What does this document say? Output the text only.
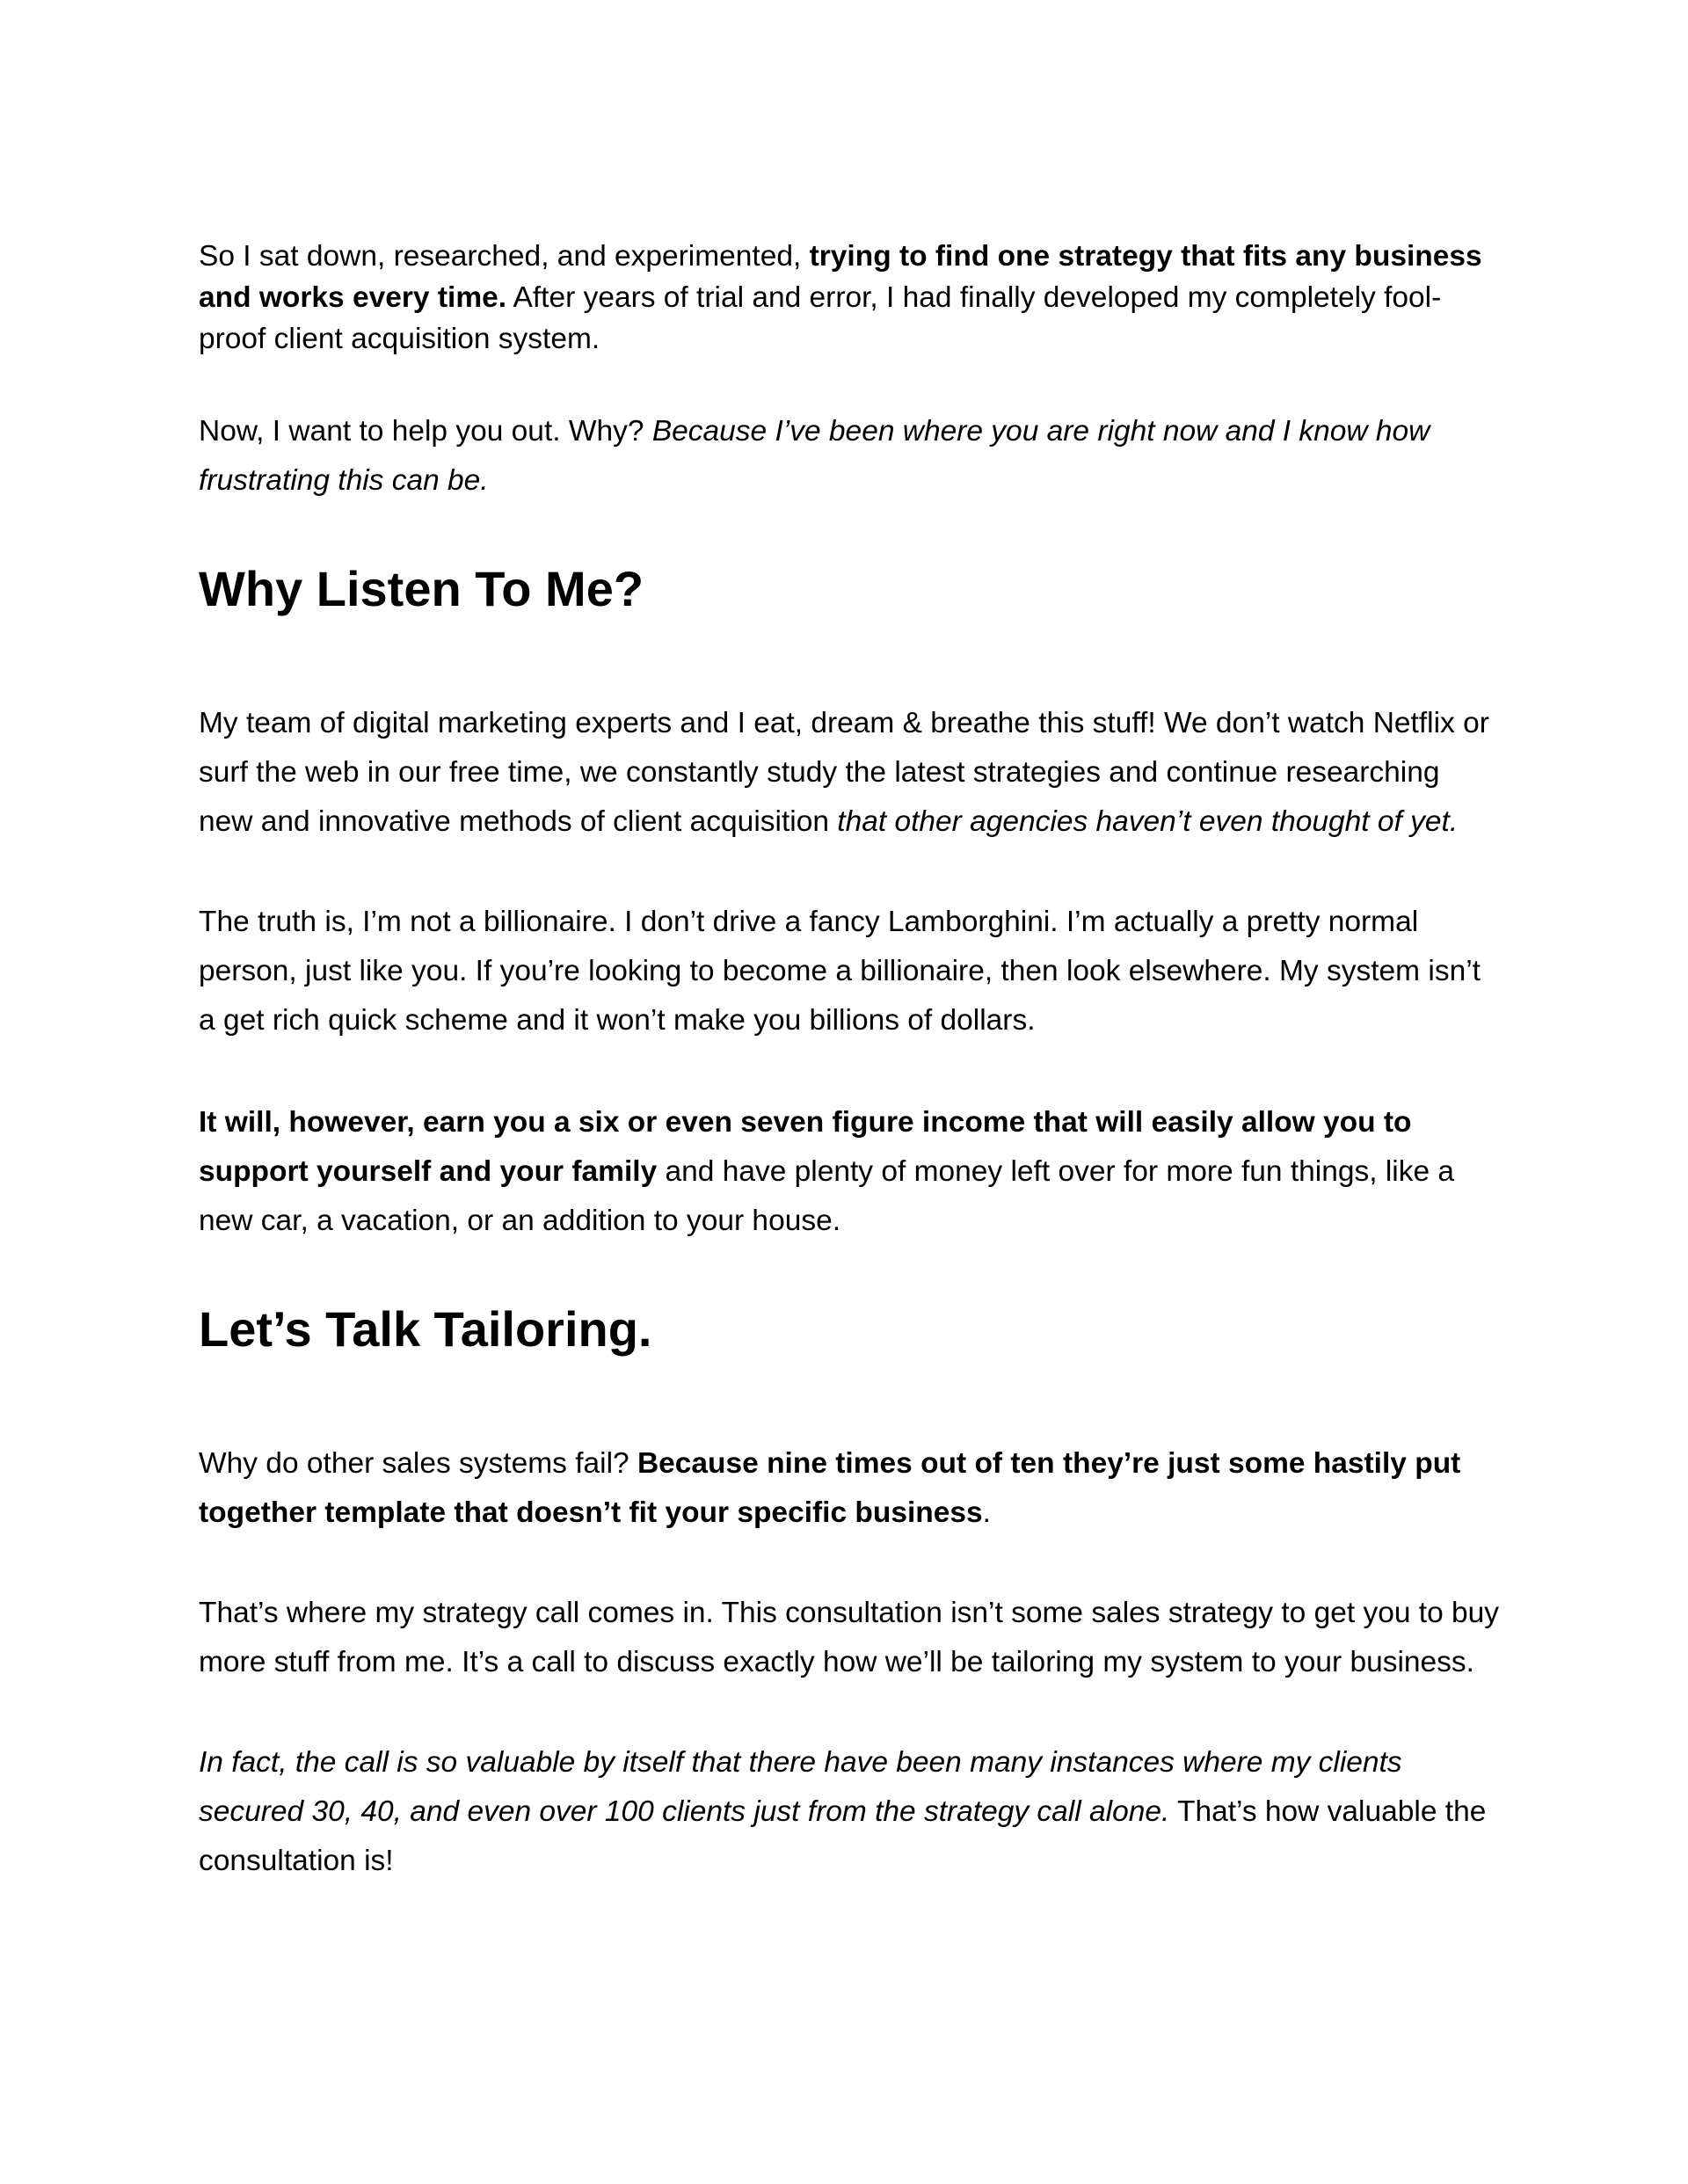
So I sat down, researched, and experimented, trying to find one strategy that fits any business and works every time. After years of trial and error, I had finally developed my completely fool-proof client acquisition system.

Now, I want to help you out. Why? Because I’ve been where you are right now and I know how frustrating this can be.

Why Listen To Me?

My team of digital marketing experts and I eat, dream & breathe this stuff! We don’t watch Netflix or surf the web in our free time, we constantly study the latest strategies and continue researching new and innovative methods of client acquisition that other agencies haven’t even thought of yet.

The truth is, I’m not a billionaire. I don’t drive a fancy Lamborghini. I’m actually a pretty normal person, just like you. If you’re looking to become a billionaire, then look elsewhere. My system isn’t a get rich quick scheme and it won’t make you billions of dollars.

It will, however, earn you a six or even seven figure income that will easily allow you to support yourself and your family and have plenty of money left over for more fun things, like a new car, a vacation, or an addition to your house.

Let’s Talk Tailoring.

Why do other sales systems fail? Because nine times out of ten they’re just some hastily put together template that doesn’t fit your specific business.

That’s where my strategy call comes in. This consultation isn’t some sales strategy to get you to buy more stuff from me. It’s a call to discuss exactly how we’ll be tailoring my system to your business.

In fact, the call is so valuable by itself that there have been many instances where my clients secured 30, 40, and even over 100 clients just from the strategy call alone. That’s how valuable the consultation is!
